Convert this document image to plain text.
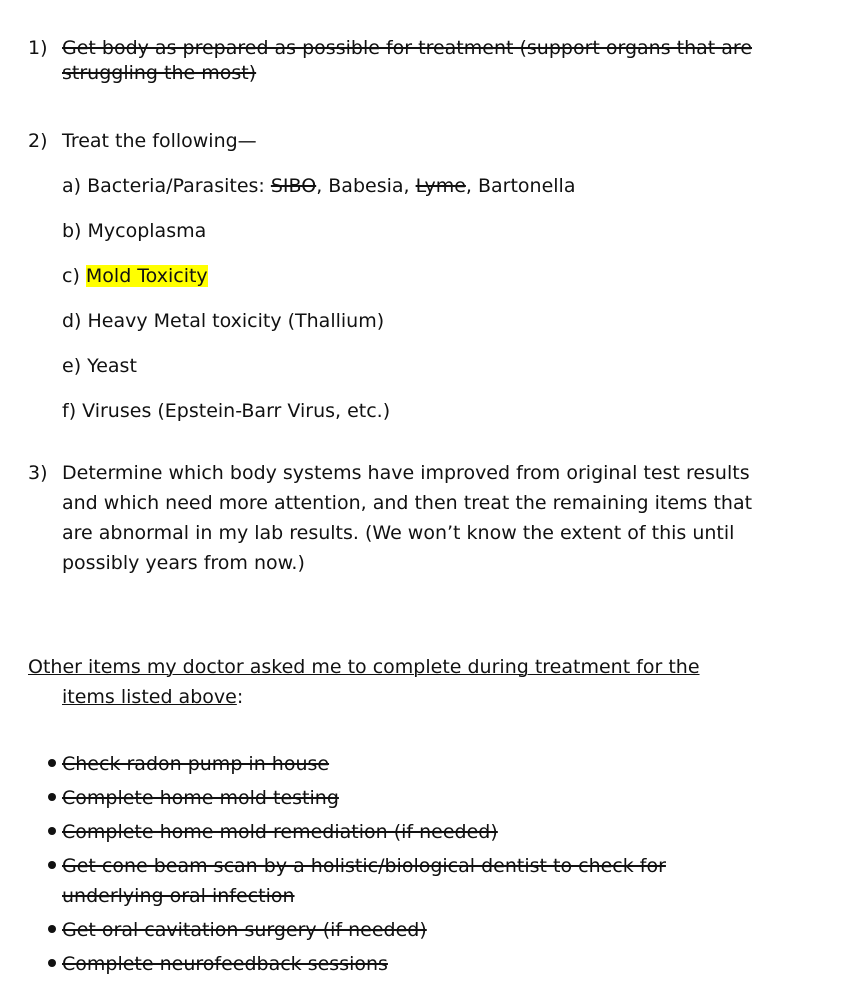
1) Get body as prepared as possible for treatment (support organs that are
struggling the most)
2) Treat the following—
a) Bacteria/Parasites: SIBO, Babesia, Lyme, Bartonella
b) Mycoplasma
c) Mold Toxicity
d) Heavy Metal toxicity (Thallium)
e) Yeast
f) Viruses (Epstein-Barr Virus, etc.)
3) Determine which body systems have improved from original test results
and which need more attention, and then treat the remaining items that
are abnormal in my lab results. (We won’t know the extent of this until
possibly years from now.)
Other items my doctor asked me to complete during treatment for the
items listed above:
Check radon pump in house
Complete home mold testing
Complete home mold remediation (if needed)
Get cone beam scan by a holistic/biological dentist to check for
underlying oral infection
Get oral cavitation surgery (if needed)
Complete neurofeedback sessions
